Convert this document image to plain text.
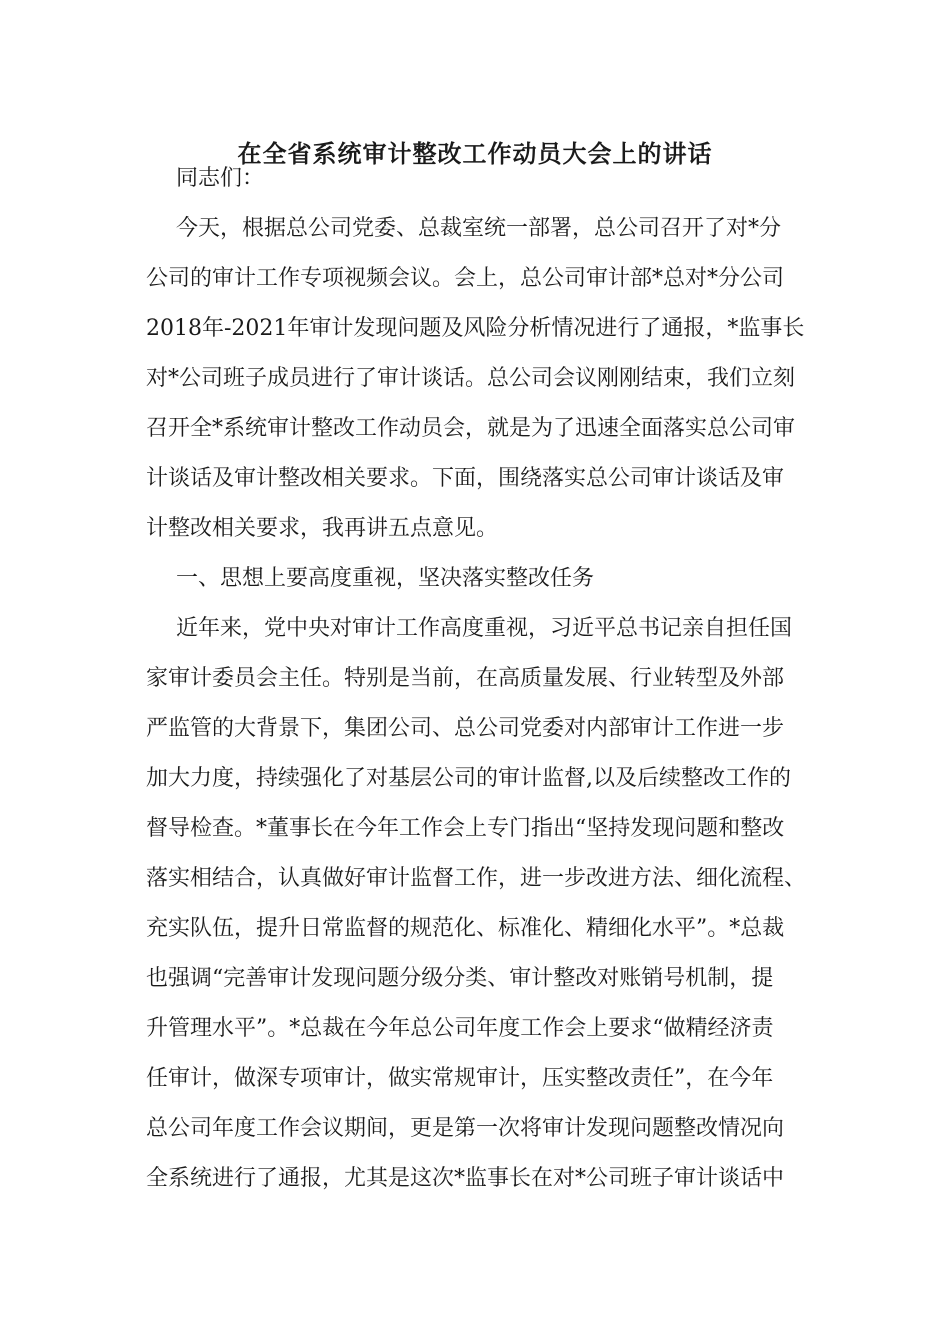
在全省系统审计整改工作动员大会上的讲话
同志们：
今天，根据总公司党委、总裁室统一部署，总公司召开了对*分
公司的审计工作专项视频会议。会上，总公司审计部*总对*分公司
2018年-2021年审计发现问题及风险分析情况进行了通报，*监事长
对*公司班子成员进行了审计谈话。总公司会议刚刚结束，我们立刻
召开全*系统审计整改工作动员会，就是为了迅速全面落实总公司审
计谈话及审计整改相关要求。下面，围绕落实总公司审计谈话及审
计整改相关要求，我再讲五点意见。
一、思想上要高度重视，坚决落实整改任务
近年来，党中央对审计工作高度重视，习近平总书记亲自担任国
家审计委员会主任。特别是当前，在高质量发展、行业转型及外部
严监管的大背景下，集团公司、总公司党委对内部审计工作进一步
加大力度，持续强化了对基层公司的审计监督,以及后续整改工作的
督导检查。*董事长在今年工作会上专门指出“坚持发现问题和整改
落实相结合，认真做好审计监督工作，进一步改进方法、细化流程、
充实队伍，提升日常监督的规范化、标准化、精细化水平”。*总裁
也强调“完善审计发现问题分级分类、审计整改对账销号机制，提
升管理水平”。*总裁在今年总公司年度工作会上要求“做精经济责
任审计，做深专项审计，做实常规审计，压实整改责任”，在今年
总公司年度工作会议期间，更是第一次将审计发现问题整改情况向
全系统进行了通报，尤其是这次*监事长在对*公司班子审计谈话中
